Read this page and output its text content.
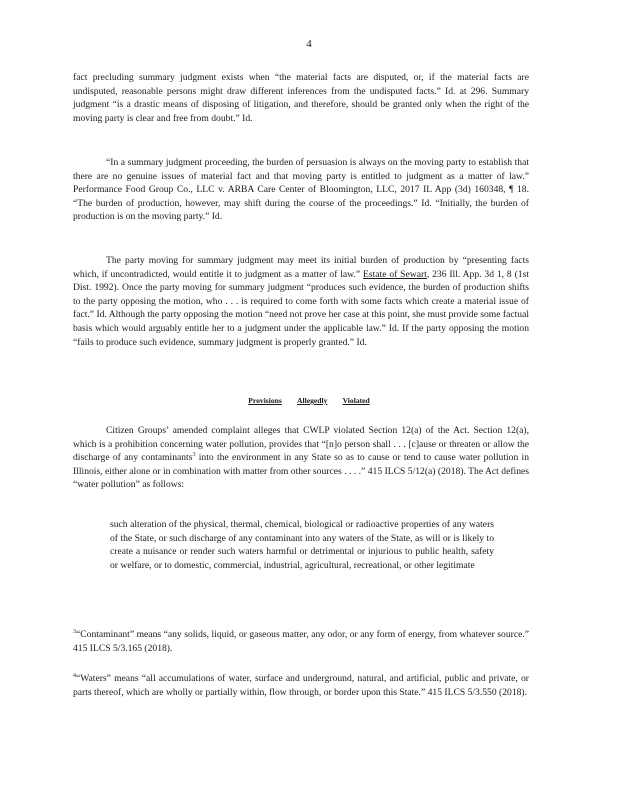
4

fact precluding summary judgment exists when “the material facts are disputed, or, if the material facts are undisputed, reasonable persons might draw different inferences from the undisputed facts.” Id. at 296. Summary judgment “is a drastic means of disposing of litigation, and therefore, should be granted only when the right of the moving party is clear and free from doubt.” Id.

“In a summary judgment proceeding, the burden of persuasion is always on the moving party to establish that there are no genuine issues of material fact and that moving party is entitled to judgment as a matter of law.” Performance Food Group Co., LLC v. ARBA Care Center of Bloomington, LLC, 2017 IL App (3d) 160348, ¶ 18. “The burden of production, however, may shift during the course of the proceedings.” Id. “Initially, the burden of production is on the moving party.” Id.

The party moving for summary judgment may meet its initial burden of production by “presenting facts which, if uncontradicted, would entitle it to judgment as a matter of law.” Estate of Sewart, 236 Ill. App. 3d 1, 8 (1st Dist. 1992). Once the party moving for summary judgment “produces such evidence, the burden of production shifts to the party opposing the motion, who . . . is required to come forth with some facts which create a material issue of fact.” Id. Although the party opposing the motion “need not prove her case at this point, she must provide some factual basis which would arguably entitle her to a judgment under the applicable law.” Id. If the party opposing the motion “fails to produce such evidence, summary judgment is properly granted.” Id.

Provisions Allegedly Violated

Citizen Groups’ amended complaint alleges that CWLP violated Section 12(a) of the Act. Section 12(a), which is a prohibition concerning water pollution, provides that “[n]o person shall . . . [c]ause or threaten or allow the discharge of any contaminants$^3$ into the environment in any State so as to cause or tend to cause water pollution in Illinois, either alone or in combination with matter from other sources . . . .” 415 ILCS 5/12(a) (2018). The Act defines “water pollution” as follows:

such alteration of the physical, thermal, chemical, biological or radioactive properties of any waters of the State, or such discharge of any contaminant into any waters of the State, as will or is likely to create a nuisance or render such waters harmful or detrimental or injurious to public health, safety or welfare, or to domestic, commercial, industrial, agricultural, recreational, or other legitimate

$^3$“Contaminant” means “any solids, liquid, or gaseous matter, any odor, or any form of energy, from whatever source.” 415 ILCS 5/3.165 (2018).

$^4$“Waters” means “all accumulations of water, surface and underground, natural, and artificial, public and private, or parts thereof, which are wholly or partially within, flow through, or border upon this State.” 415 ILCS 5/3.550 (2018).
